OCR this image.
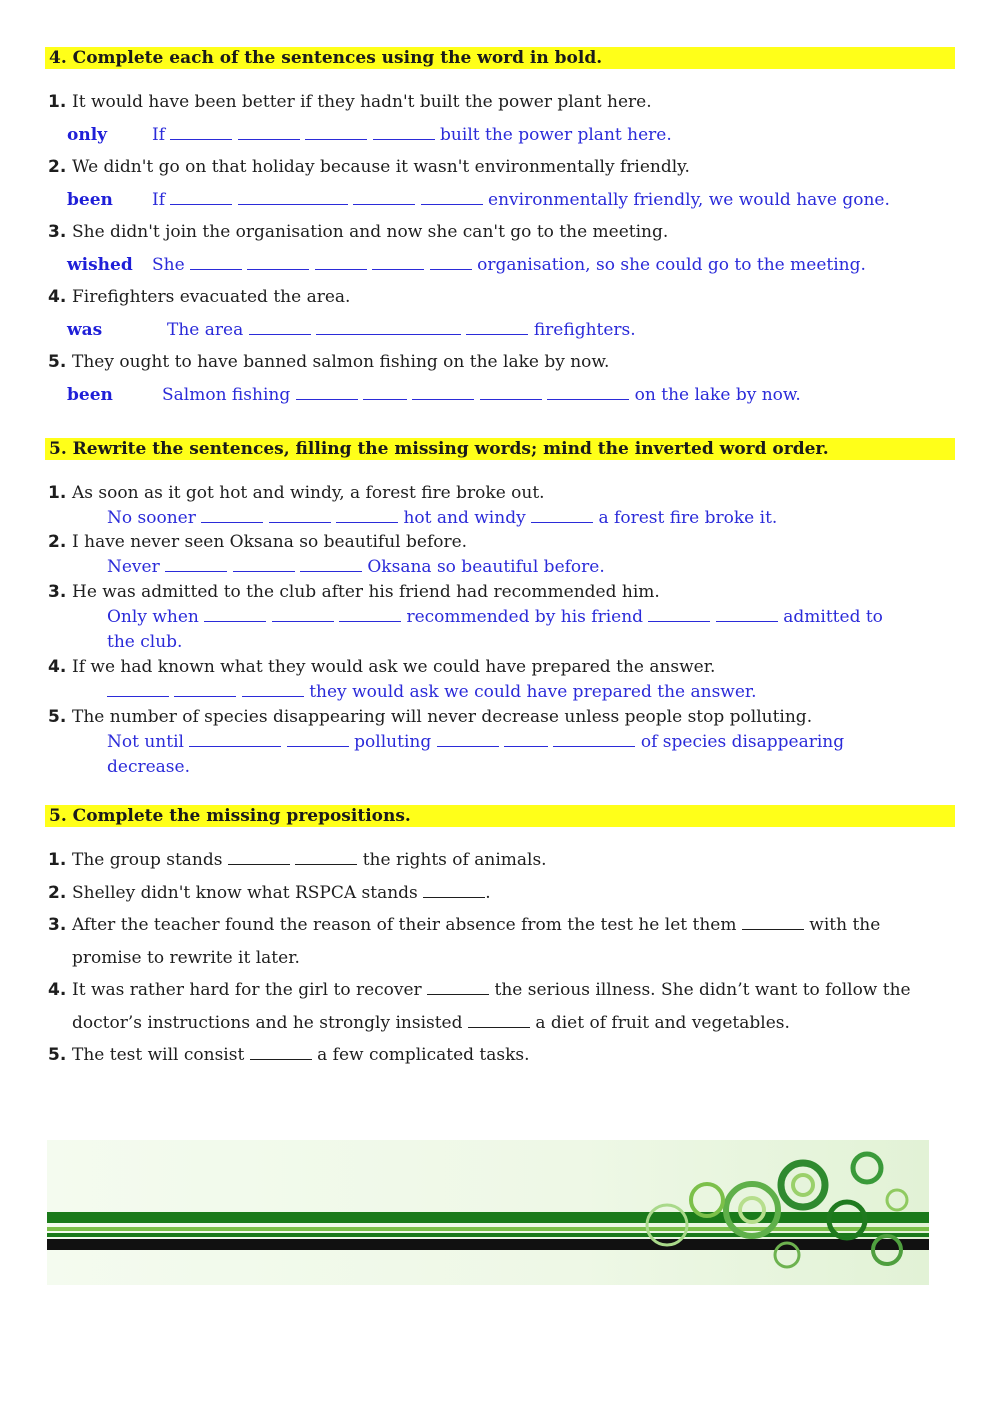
4. Complete each of the sentences using the word in bold.
1. It would have been better if they hadn't built the power plant here.
only	If	built the power plant here.
2. We didn't go on that holiday because it wasn't environmentally friendly.
been If	environmentally friendly, we would have gone.
3. She didn't join the organisation and now she can't go to the meeting.
wished She	organisation, so she could go to the meeting.
4. Firefighters evacuated the area.
was	The area	firefighters.
5. They ought to have banned salmon fishing on the lake by now.
been	Salmon fishing	on the lake by now.
5. Rewrite the sentences, filling the missing words; mind the inverted word order.
1. As soon as it got hot and windy, a forest fire broke out.
No sooner	hot and windy	a forest fire broke it.
2. I have never seen Oksana so beautiful before.
Never	Oksana so beautiful before.
3. He was admitted to the club after his friend had recommended him.
Only when	recommended by his friend	admitted to
the club.
4. If we had known what they would ask we could have prepared the answer.
they would ask we could have prepared the answer.
5. The number of species disappearing will never decrease unless people stop polluting.
Not until	polluting	of species disappearing
decrease.
5. Complete the missing prepositions.
1. The group stands	the rights of animals.
2. Shelley didn't know what RSPCA stands	.
3. After the teacher found the reason of their absence from the test he let them	with the
promise to rewrite it later.
4. It was rather hard for the girl to recover	the serious illness. She didn’t want to follow the
doctor’s instructions and he strongly insisted	a diet of fruit and vegetables.
5. The test will consist	a few complicated tasks.
